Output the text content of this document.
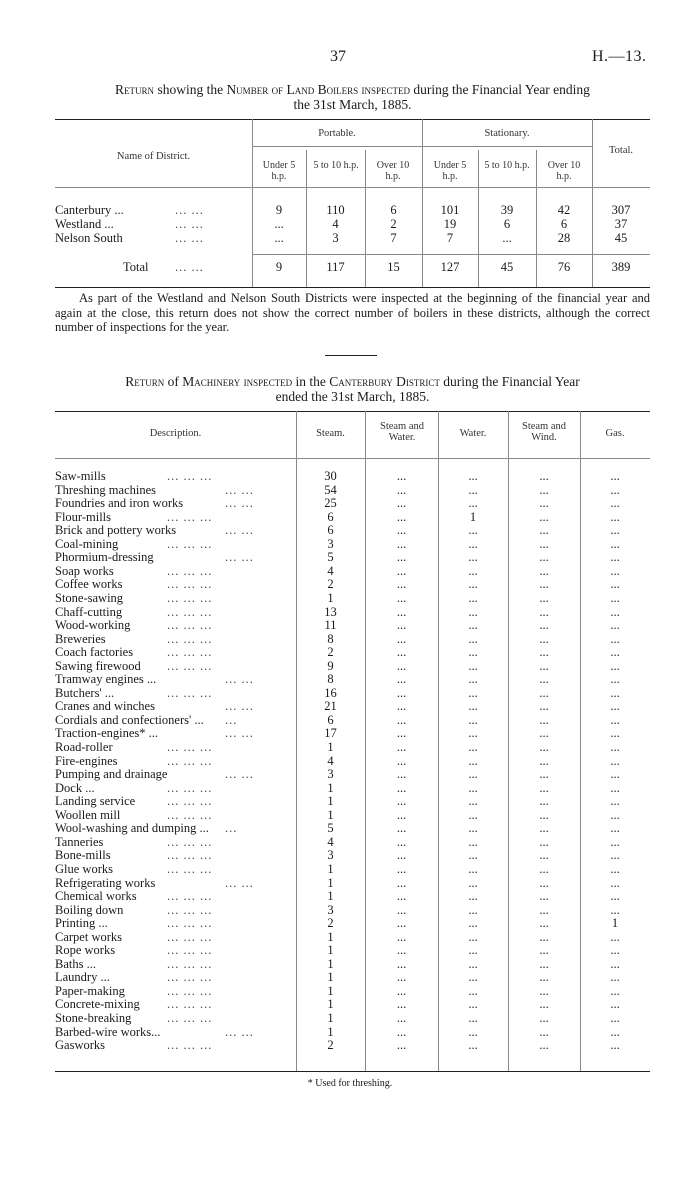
37	H.—13.
Return showing the Number of Land Boilers inspected during the Financial Year ending
the 31st March, 1885.
Name of District.
Portable.	Stationary.
Total.
Under 5 h.p.
5 to 10 h.p.	Over 10 h.p.
Under 5 h.p.
5 to 10 h.p.	Over 10 h.p.
Canterbury ...	... ...	9	110	6	101	39	42	307
Westland ...	... ...	...	4	2	19	6	6	37
Nelson South	... ...	...	3	7	7	...	28	45
Total ... ...	9	117	15	127	45	76	389

As part of the Westland and Nelson South Districts were inspected at the beginning of the financial year and again at the close, this return does not show the correct number of boilers in these districts, although the correct number of inspections for the year.

Return of Machinery inspected in the Canterbury District during the Financial Year
ended the 31st March, 1885.
Description.	Steam.
Steam and Water.	Water.
Steam and Wind.	Gas.
Saw-mills	... ... ...	30	...	...	...	...
Threshing machines	... ...	54	...	...	...	...
Foundries and iron works	... ...	25	...	...	...	...
Flour-mills	... ... ...	6	...	1	...	...
Brick and pottery works	... ...	6	...	...	...	...
Coal-mining	... ... ...	3	...	...	...	...
Phormium-dressing	... ...	5	...	...	...	...
Soap works	... ... ...	4	...	...	...	...
Coffee works	... ... ...	2	...	...	...	...
Stone-sawing	... ... ...	1	...	...	...	...
Chaff-cutting	... ... ...	13	...	...	...	...
Wood-working	... ... ...	11	...	...	...	...
Breweries	... ... ...	8	...	...	...	...
Coach factories	... ... ...	2	...	...	...	...
Sawing firewood ... ... ...	9	...	...	...	...
Tramway engines ...	... ...	8	...	...	...	...
Butchers' ...	... ... ...	16	...	...	...	...
Cranes and winches	... ...	21	...	...	...	...
Cordials and confectioners' ... ...	6	...	...	...	...
Traction-engines* ...	... ...	17	...	...	...	...
Road-roller	... ... ...	1	...	...	...	...
Fire-engines	... ... ...	4	...	...	...	...
Pumping and drainage	... ...	3	...	...	...	...
Dock ...	... ... ...	1	...	...	...	...
Landing service	... ... ...	1	...	...	...	...
Woollen mill	... ... ...	1	...	...	...	...
Wool-washing and dumping ... ...	5	...	...	...	...
Tanneries	... ... ...	4	...	...	...	...
Bone-mills	... ... ...	3	...	...	...	...
Glue works	... ... ...	1	...	...	...	...
Refrigerating works	... ...	1	...	...	...	...
Chemical works ... ... ...	1	...	...	...	...
Boiling down	... ... ...	3	...	...	...	...
Printing ...	... ... ...	2	...	...	...	1
Carpet works	... ... ...	1	...	...	...	...
Rope works	... ... ...	1	...	...	...	...
Baths ...	... ... ...	1	...	...	...	...
Laundry ...	... ... ...	1	...	...	...	...
Paper-making	... ... ...	1	...	...	...	...
Concrete-mixing ... ... ...	1	...	...	...	...
Stone-breaking	... ... ...	1	...	...	...	...
Barbed-wire works...	... ...	1	...	...	...	...
Gasworks	... ... ...	2	...	...	...	...
* Used for threshing.
